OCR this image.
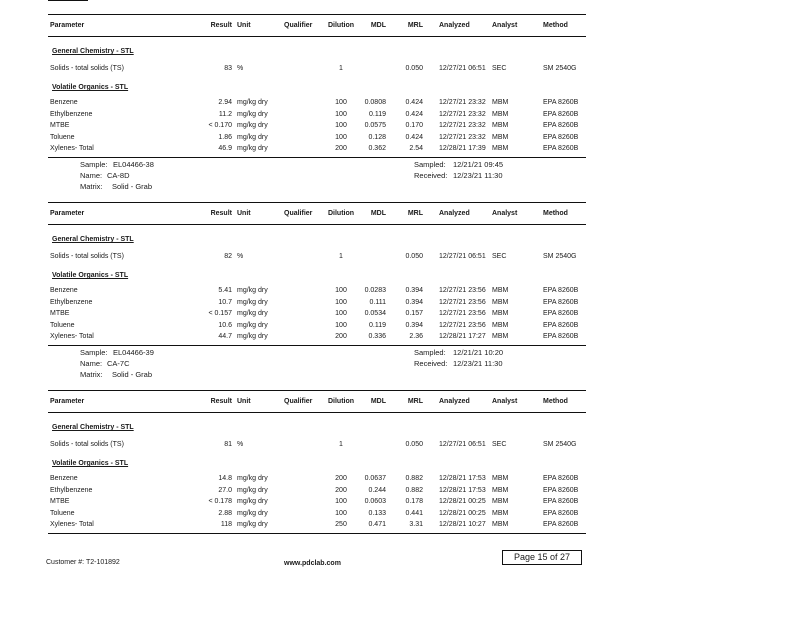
Parameter	Result Unit	Qualifier Dilution	MDL	MRL Analyzed	Analyst	Method
General Chemistry - STL
Solids - total solids (TS)	83 %	1	0.050 12/27/21 06:51 SEC	SM 2540G
Volatile Organics - STL
Benzene	2.94 mg/kg dry	100	0.0808	0.424 12/27/21 23:32 MBM	EPA 8260B
Ethylbenzene	11.2 mg/kg dry	100	0.119	0.424 12/27/21 23:32 MBM	EPA 8260B
MTBE	< 0.170 mg/kg dry	100	0.0575	0.170 12/27/21 23:32 MBM	EPA 8260B
Toluene	1.86 mg/kg dry	100	0.128	0.424 12/27/21 23:32 MBM	EPA 8260B
Xylenes- Total	46.9 mg/kg dry	200	0.362	2.54 12/28/21 17:39 MBM	EPA 8260B
Sample: EL04466-38
Name: CA-8D
Matrix: Solid - Grab
Sampled: 12/21/21 09:45
Received: 12/23/21 11:30
Parameter	Result Unit	Qualifier Dilution	MDL	MRL Analyzed	Analyst	Method
General Chemistry - STL
Solids - total solids (TS)	82 %	1	0.050 12/27/21 06:51 SEC	SM 2540G
Volatile Organics - STL
Benzene	5.41 mg/kg dry	100	0.0283	0.394 12/27/21 23:56 MBM	EPA 8260B
Ethylbenzene	10.7 mg/kg dry	100	0.111	0.394 12/27/21 23:56 MBM	EPA 8260B
MTBE	< 0.157 mg/kg dry	100	0.0534	0.157 12/27/21 23:56 MBM	EPA 8260B
Toluene	10.6 mg/kg dry	100	0.119	0.394 12/27/21 23:56 MBM	EPA 8260B
Xylenes- Total	44.7 mg/kg dry	200	0.336	2.36 12/28/21 17:27 MBM	EPA 8260B
Sample: EL04466-39
Name: CA-7C
Matrix: Solid - Grab
Sampled: 12/21/21 10:20
Received: 12/23/21 11:30
Parameter	Result Unit	Qualifier Dilution	MDL	MRL Analyzed	Analyst	Method
General Chemistry - STL
Solids - total solids (TS)	81 %	1	0.050 12/27/21 06:51 SEC	SM 2540G
Volatile Organics - STL
Benzene	14.8 mg/kg dry	200	0.0637	0.882 12/28/21 17:53 MBM	EPA 8260B
Ethylbenzene	27.0 mg/kg dry	200	0.244	0.882 12/28/21 17:53 MBM	EPA 8260B
MTBE	< 0.178 mg/kg dry	100	0.0603	0.178 12/28/21 00:25 MBM	EPA 8260B
Toluene	2.88 mg/kg dry	100	0.133	0.441 12/28/21 00:25 MBM	EPA 8260B
Xylenes- Total	118 mg/kg dry	250	0.471	3.31 12/28/21 10:27 MBM	EPA 8260B
Customer #: T2-101892	www.pdclab.com
Page 15 of 27
